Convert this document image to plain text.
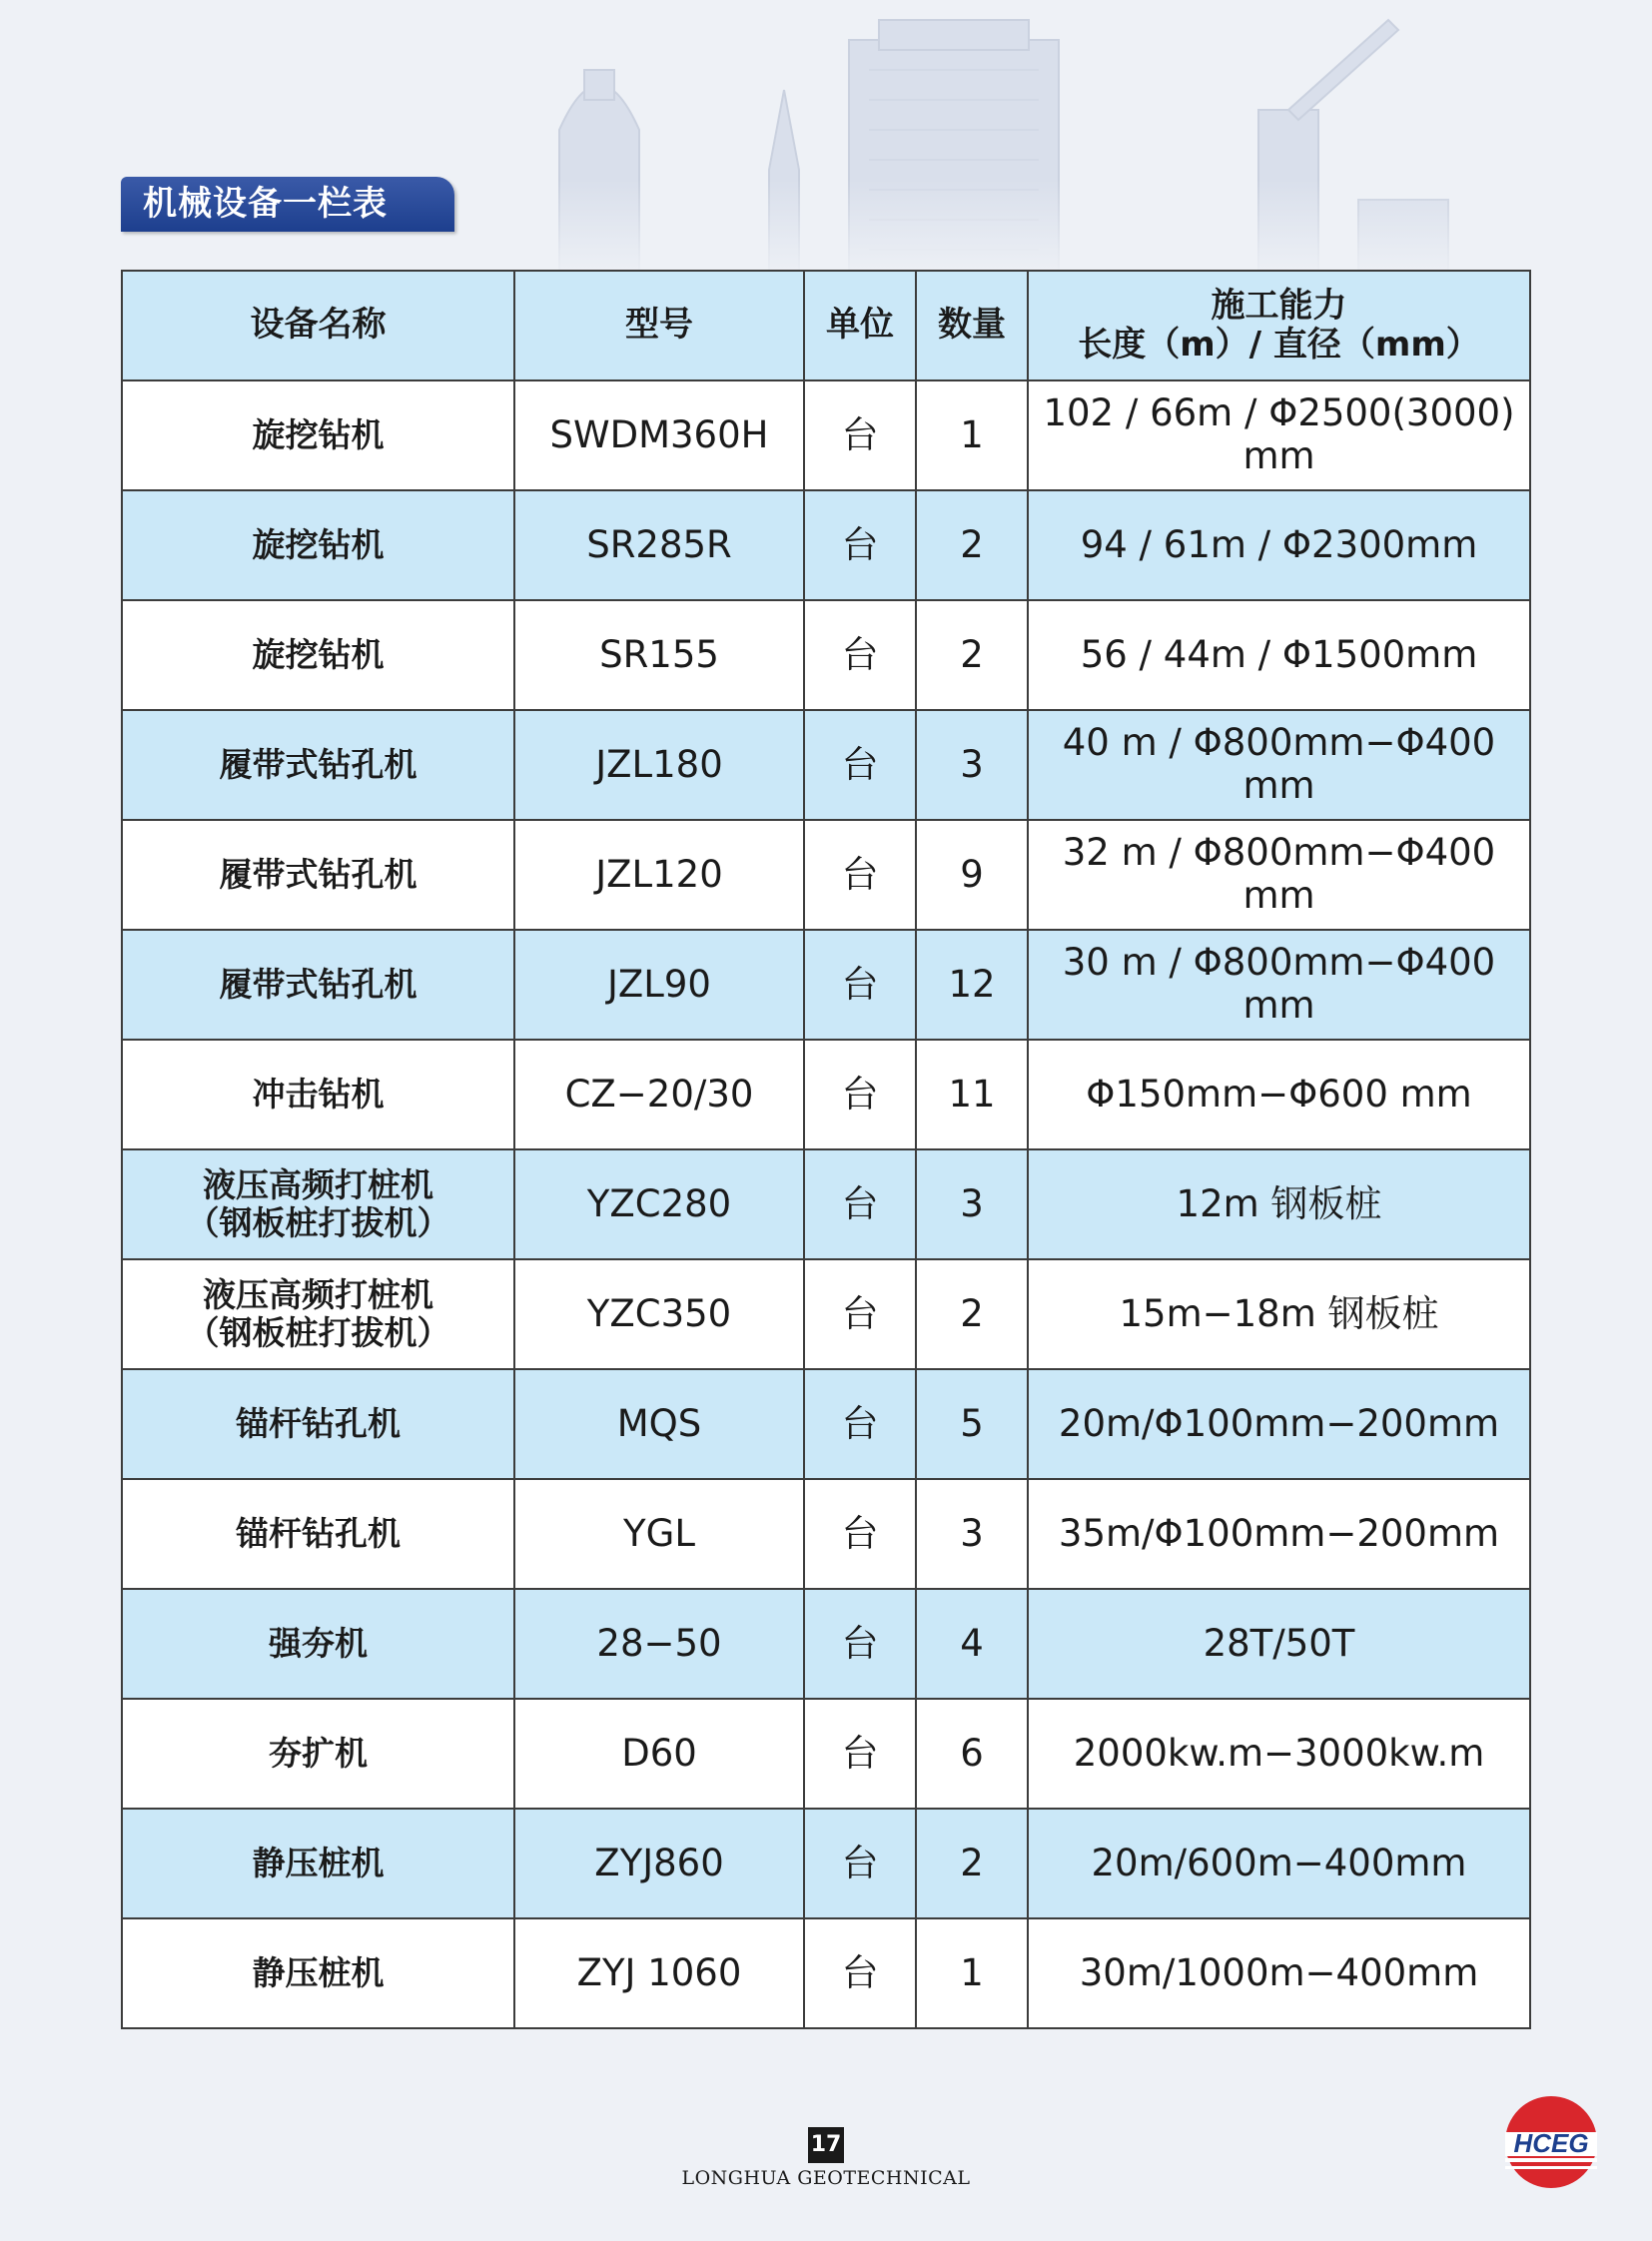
机械设备一栏表
设备名称	型号	单位	数量	施工能力
长度（m）/ 直径（mm）

旋挖钻机	SWDM360H	台	1	102 / 66m / Φ2500(3000)
mm

旋挖钻机	SR285R	台	2	94 / 61m / Φ2300mm

旋挖钻机	SR155	台	2	56 / 44m / Φ1500mm

履带式钻孔机	JZL180	台	3	40 m / Φ800mm−Φ400
mm

履带式钻孔机	JZL120	台	9	32 m / Φ800mm−Φ400
mm

履带式钻孔机	JZL90	台	12	30 m / Φ800mm−Φ400
mm

冲击钻机	CZ−20/30	台	11	Φ150mm−Φ600 mm

液压高频打桩机
（钢板桩打拔机）	YZC280	台	3	12m 钢板桩

液压高频打桩机
（钢板桩打拔机）	YZC350	台	2	15m−18m 钢板桩

锚杆钻孔机	MQS	台	5	20m/Φ100mm−200mm

锚杆钻孔机	YGL	台	3	35m/Φ100mm−200mm

强夯机	28−50	台	4	28T/50T

夯扩机	D60	台	6	2000kw.m−3000kw.m

静压桩机	ZYJ860	台	2	20m/600m−400mm

静压桩机	ZYJ 1060	台	1	30m/1000m−400mm
17
LONGHUA GEOTECHNICAL
HCEG
